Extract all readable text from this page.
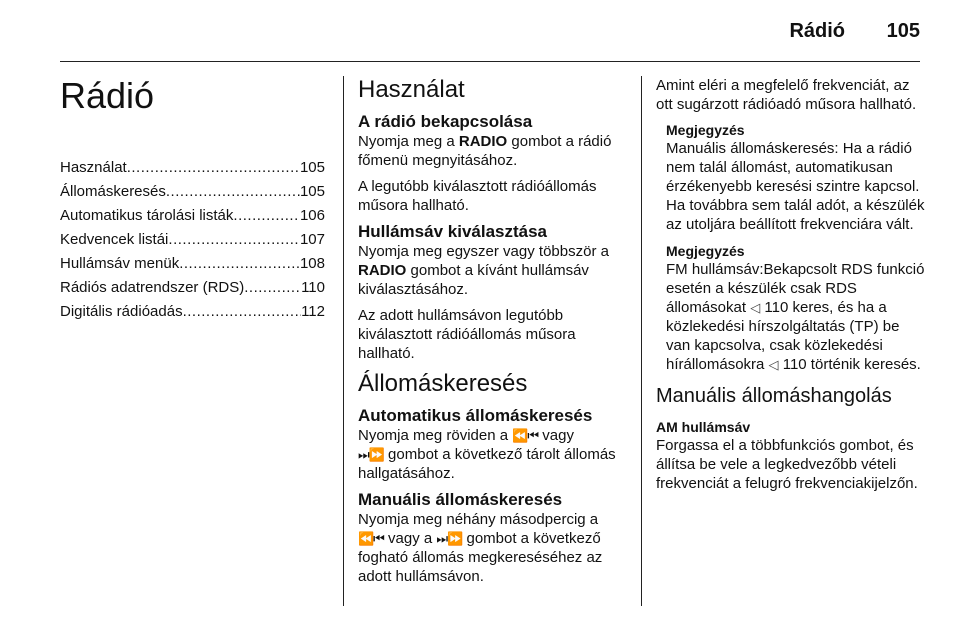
Rádió 105
Rádió
Használat .....	105
Állomáskeresés .....	105
Automatikus tárolási listák .....	106
Kedvencek listái .....	107
Hullámsáv menük .....	108
Rádiós adatrendszer (RDS) .....	110
Digitális rádióadás .....	112
Használat
A rádió bekapcsolása

Nyomja meg a RADIO gombot a rádió főmenü megnyitásához.

A legutóbb kiválasztott rádióállomás műsora hallható.

Hullámsáv kiválasztása

Nyomja meg egyszer vagy többször a RADIO gombot a kívánt hullámsáv kiválasztásához.

Az adott hullámsávon legutóbb kiválasztott rádióállomás műsora hallható.

Állomáskeresés
Automatikus állomáskeresés

Nyomja meg röviden a ⏪⏮ vagy
⏭⏩ gombot a következő tárolt állomás hallgatásához.

Manuális állomáskeresés

Nyomja meg néhány másodpercig a
⏪⏮ vagy a ⏭⏩ gombot a következő fogható állomás megkereséséhez az adott hullámsávon.

Amint eléri a megfelelő frekvenciát, az ott sugárzott rádióadó műsora hallható.

Megjegyzés

Manuális állomáskeresés: Ha a rádió nem talál állomást, automatikusan érzékenyebb keresési szintre kapcsol. Ha továbbra sem talál adót, a készülék az utoljára beállított frekvenciára vált.

Megjegyzés

FM hullámsáv:Bekapcsolt RDS funkció esetén a készülék csak RDS állomásokat ◁ 110 keres, és ha a közlekedési hírszolgáltatás (TP) be van kapcsolva, csak közlekedési hírállomásokra ◁ 110 történik keresés.

Manuális állomáshangolás
AM hullámsáv

Forgassa el a többfunkciós gombot, és állítsa be vele a legkedvezőbb vételi frekvenciát a felugró frekvenciakijelzőn.
